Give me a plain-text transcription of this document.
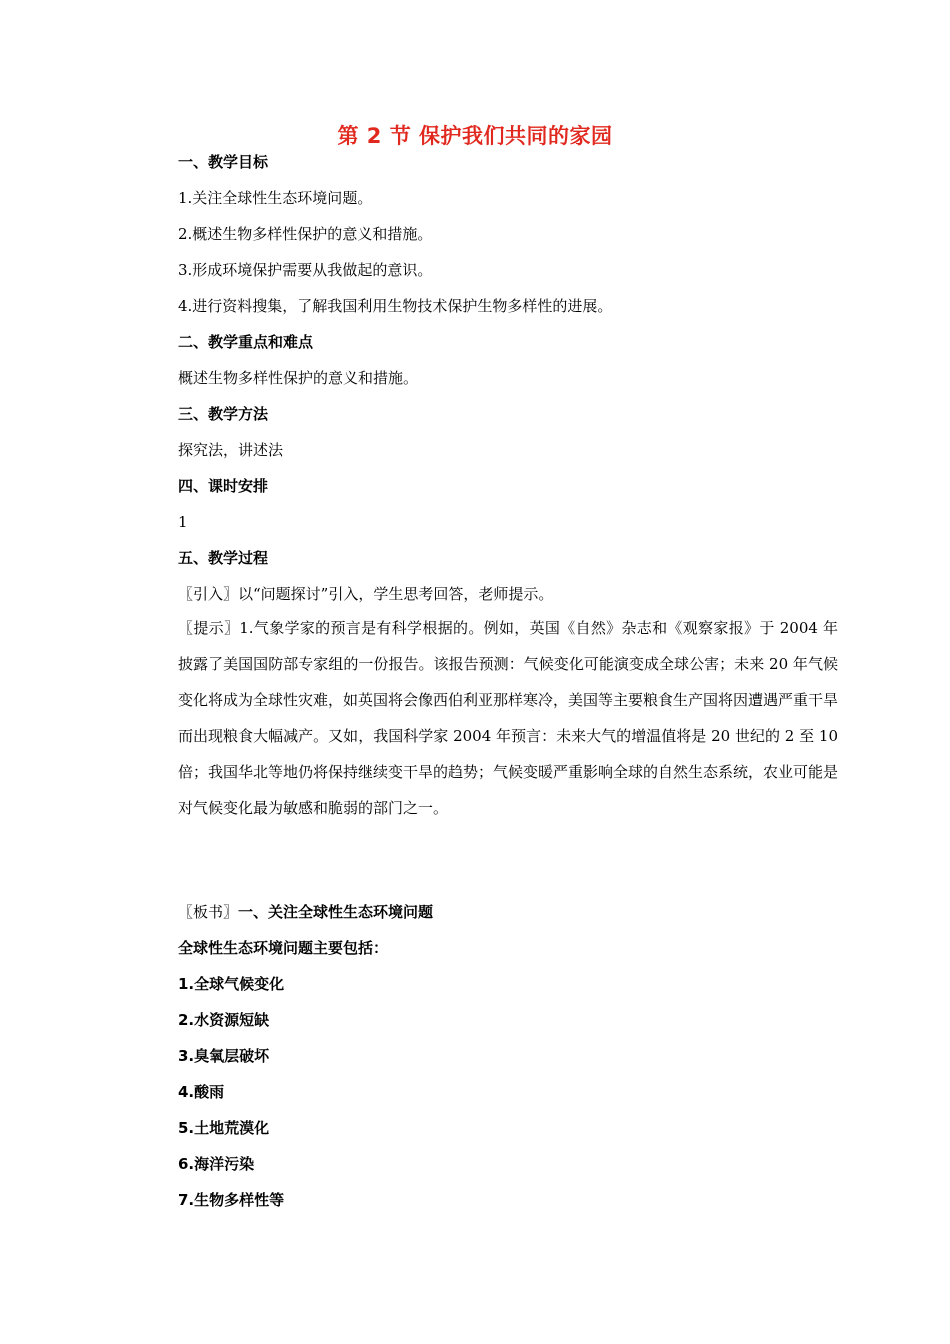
第 2 节 保护我们共同的家园
一、教学目标
1.关注全球性生态环境问题。
2.概述生物多样性保护的意义和措施。
3.形成环境保护需要从我做起的意识。
4.进行资料搜集，了解我国利用生物技术保护生物多样性的进展。
二、教学重点和难点
概述生物多样性保护的意义和措施。
三、教学方法
探究法，讲述法
四、课时安排
1
五、教学过程
〖引入〗以“问题探讨”引入，学生思考回答，老师提示。

〖提示〗1.气象学家的预言是有科学根据的。例如，英国《自然》杂志和《观察家报》于 2004 年披露了美国国防部专家组的一份报告。该报告预测：气候变化可能演变成全球公害；未来 20 年气候变化将成为全球性灾难，如英国将会像西伯利亚那样寒冷，美国等主要粮食生产国将因遭遇严重干旱而出现粮食大幅减产。又如，我国科学家 2004 年预言：未来大气的增温值将是 20 世纪的 2 至 10 倍；我国华北等地仍将保持继续变干旱的趋势；气候变暖严重影响全球的自然生态系统，农业可能是对气候变化最为敏感和脆弱的部门之一。

〖板书〗一、关注全球性生态环境问题
全球性生态环境问题主要包括：
1.全球气候变化
2.水资源短缺
3.臭氧层破坏
4.酸雨
5.土地荒漠化
6.海洋污染
7.生物多样性等
